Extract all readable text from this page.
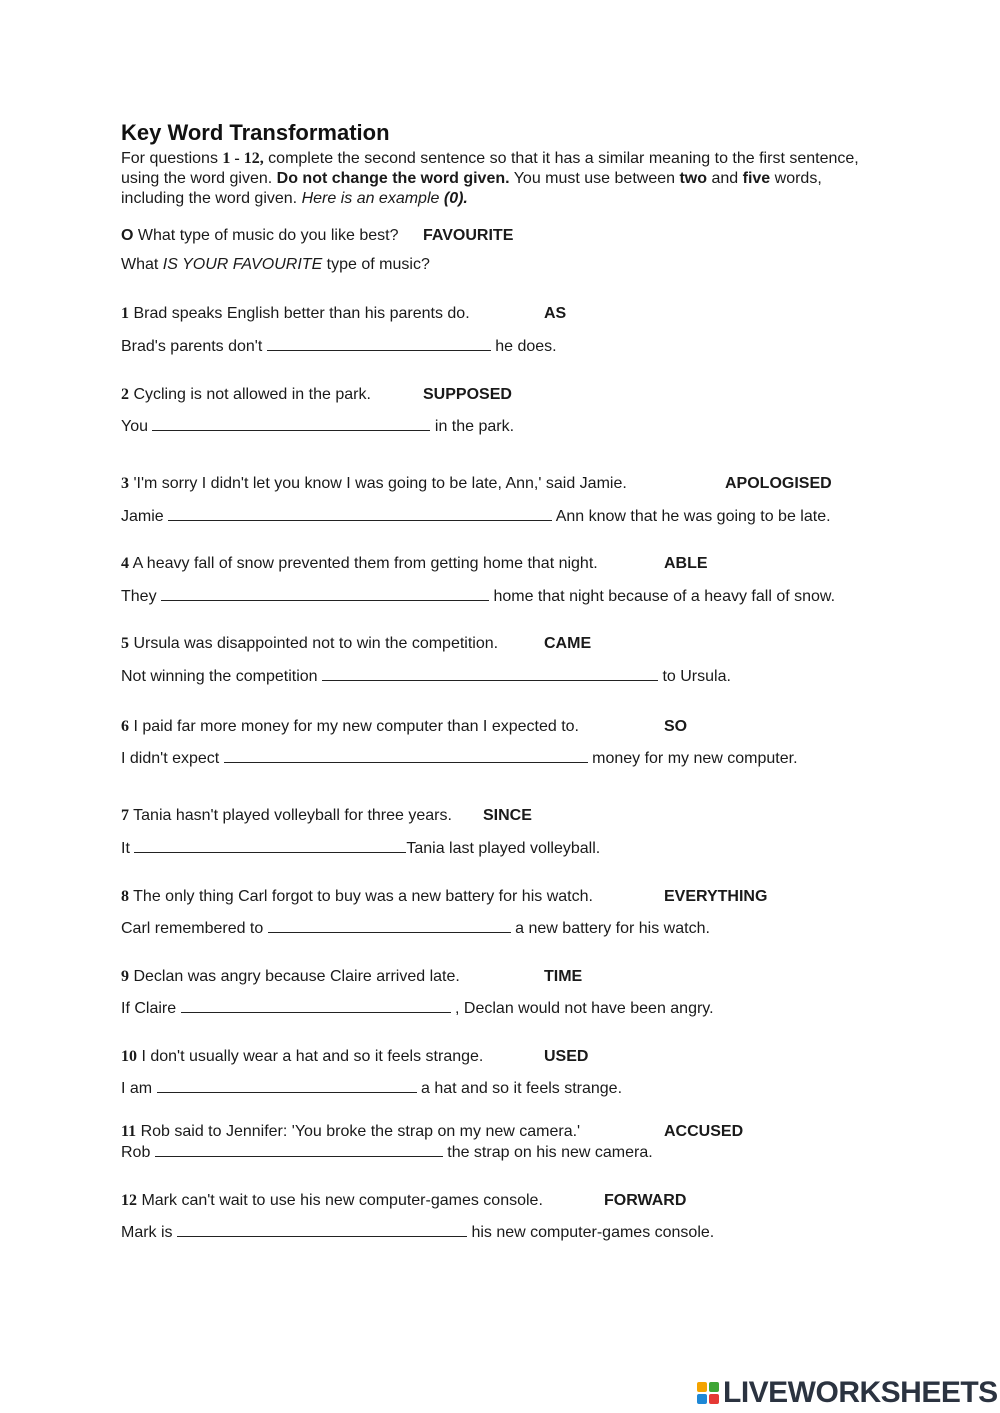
Key Word Transformation

For questions 1 - 12, complete the second sentence so that it has a similar meaning to the first sentence, using the word given. Do not change the word given. You must use between two and five words, including the word given. Here is an example (0).

O What type of music do you like best? FAVOURITE
What IS YOUR FAVOURITE type of music?
1 Brad speaks English better than his parents do.	AS
Brad's parents don't	he does.
2 Cycling is not allowed in the park.	SUPPOSED
You	in the park.
3 'I'm sorry I didn't let you know I was going to be late, Ann,' said Jamie.	APOLOGISED
Jamie	Ann know that he was going to be late.
4 A heavy fall of snow prevented them from getting home that night.	ABLE
They	home that night because of a heavy fall of snow.
5 Ursula was disappointed not to win the competition.	CAME
Not winning the competition	to Ursula.
6 I paid far more money for my new computer than I expected to.	SO
I didn't expect	money for my new computer.
7 Tania hasn't played volleyball for three years. SINCE
It	Tania last played volleyball.
8 The only thing Carl forgot to buy was a new battery for his watch.	EVERYTHING
Carl remembered to	a new battery for his watch.
9 Declan was angry because Claire arrived late.	TIME
If Claire	, Declan would not have been angry.
10 I don't usually wear a hat and so it feels strange.	USED
I am	a hat and so it feels strange.
11 Rob said to Jennifer: 'You broke the strap on my new camera.'	ACCUSED
Rob	the strap on his new camera.
12 Mark can't wait to use his new computer-games console.	FORWARD
Mark is	his new computer-games console.
LIVEWORKSHEETS
